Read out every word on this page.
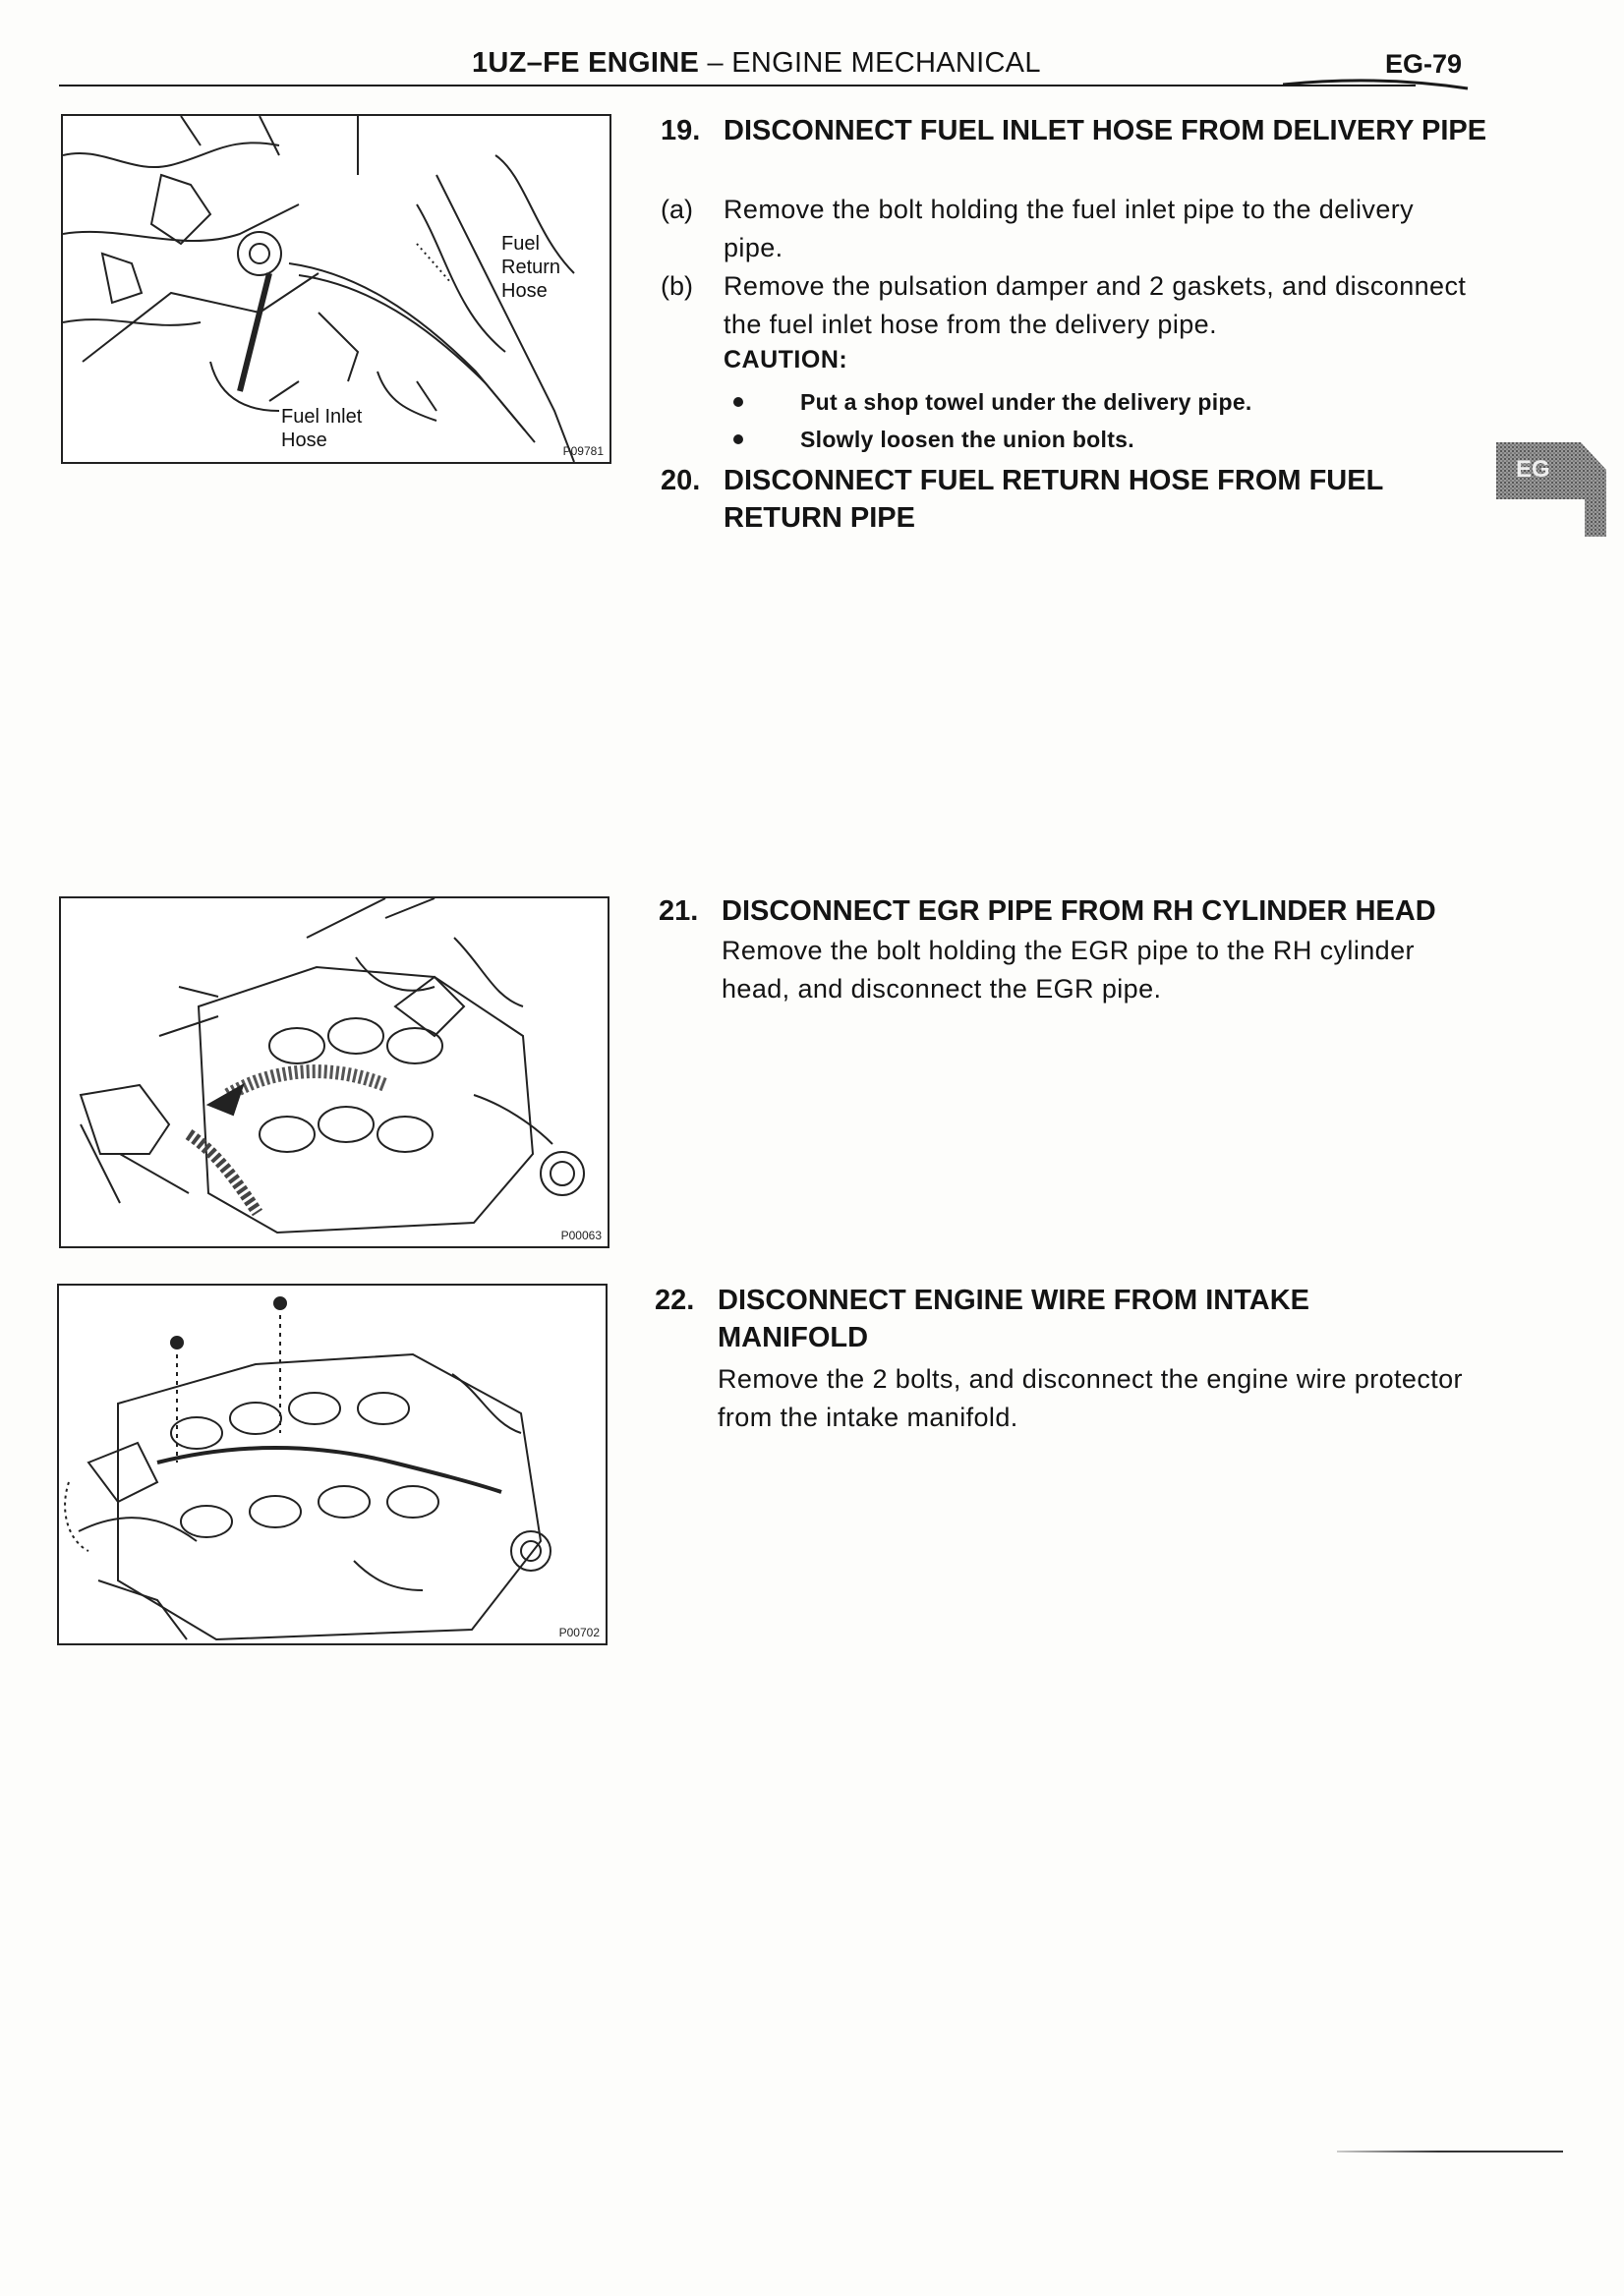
1UZ–FE ENGINE – ENGINE MECHANICAL	EG-79
EG
Fuel
Return
Hose
Fuel Inlet
Hose	P09781
19. DISCONNECT FUEL INLET HOSE FROM DELIVERY PIPE
(a) Remove the bolt holding the fuel inlet pipe to the delivery pipe.
(b) Remove the pulsation damper and 2 gaskets, and disconnect the fuel inlet hose from the delivery pipe.
CAUTION:
Put a shop towel under the delivery pipe.
Slowly loosen the union bolts.
20. DISCONNECT FUEL RETURN HOSE FROM FUEL RETURN PIPE
P00063
21. DISCONNECT EGR PIPE FROM RH CYLINDER HEAD
Remove the bolt holding the EGR pipe to the RH cylinder head, and disconnect the EGR pipe.
P00702
22. DISCONNECT ENGINE WIRE FROM INTAKE MANIFOLD
Remove the 2 bolts, and disconnect the engine wire protector from the intake manifold.
